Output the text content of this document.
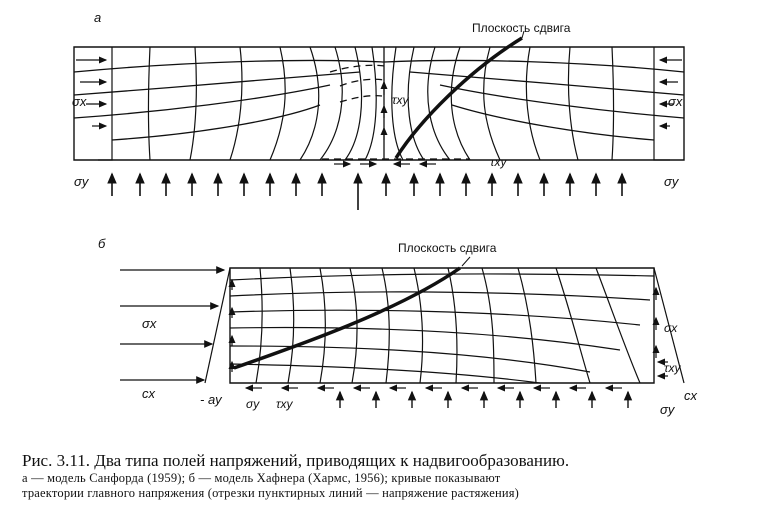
a
Плоскость сдвига
σx	σx
τxy
τxy
σy	σy
б	Плоскость сдвига
σx
cx	- ay
σx
τxy
cx
σy τxy	σy
Рис. 3.11. Два типа полей напряжений, приводящих к надвигообразованию.
а — модель Санфорда (1959); б — модель Хафнера (Хармс, 1956); кривые показывают
траектории главного напряжения (отрезки пунктирных линий — напряжение растяжения)
